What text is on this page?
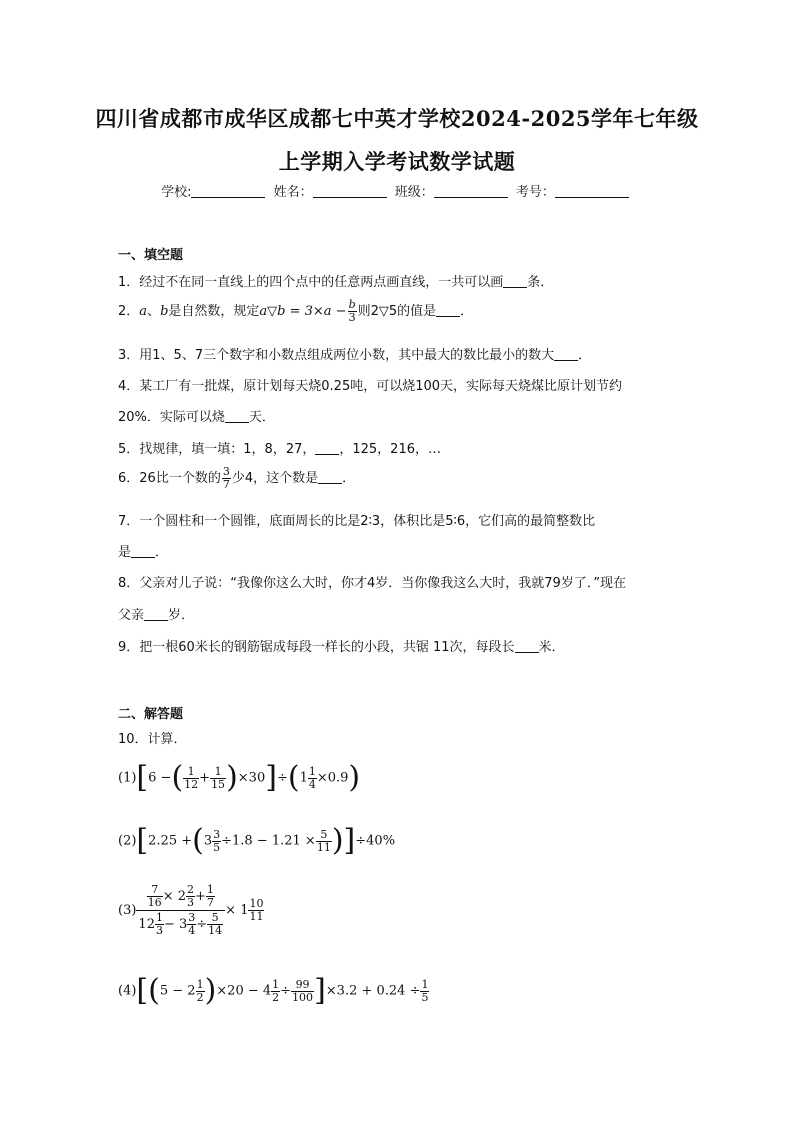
四川省成都市成华区成都七中英才学校2024-2025学年七年级
上学期入学考试数学试题
学校:	姓名：	班级：	考号：
一、填空题
1．经过不在同一直线上的四个点中的任意两点画直线，一共可以画 条．
2．a、b是自然数，规定a▽b = $3\times a - \frac{b}{3}$ 则2▽5的值是 ．
3．用1、5、7三个数字和小数点组成两位小数，其中最大的数比最小的数大 ．
4．某工厂有一批煤，原计划每天烧0.25吨，可以烧100天，实际每天烧煤比原计划节约
20%．实际可以烧 天．
5．找规律，填一填：1，8，27， ，125，216，…
6．26比一个数的 $\frac{3}{7}$ 少4，这个数是 ．
7．一个圆柱和一个圆锥，底面周长的比是2∶3，体积比是5∶6，它们高的最简整数比
是 ．
8．父亲对儿子说：“我像你这么大时，你才4岁．当你像我这么大时，我就79岁了．”现在
父亲 岁．
9．把一根60米长的钢筋锯成每段一样长的小段，共锯 11次，每段长 米．
二、解答题
10．计算．
(1)[6 −( $\frac{1}{12} + \frac{1}{15} )\times 30]\div(1 \frac{1}{4} \times 0.9)$
$(2)[2.25 +(3 \frac{3}{5} \div 1.8 - 1.21 \times \frac{5}{11} )]\div 40\%$
$(3) \frac{\frac{7}{16} \times 2 \frac{2}{3} + \frac{1}{7}}{12 \frac{1}{3} - 3 \frac{3}{4} \div \frac{5}{14}} \times 1 \frac{10}{11}$
$(4)[(5 - 2 \frac{1}{2} )\times 20 - 4 \frac{1}{2} \div \frac{99}{100} ]\times 3.2 + 0.24 \div \frac{1}{5}$
